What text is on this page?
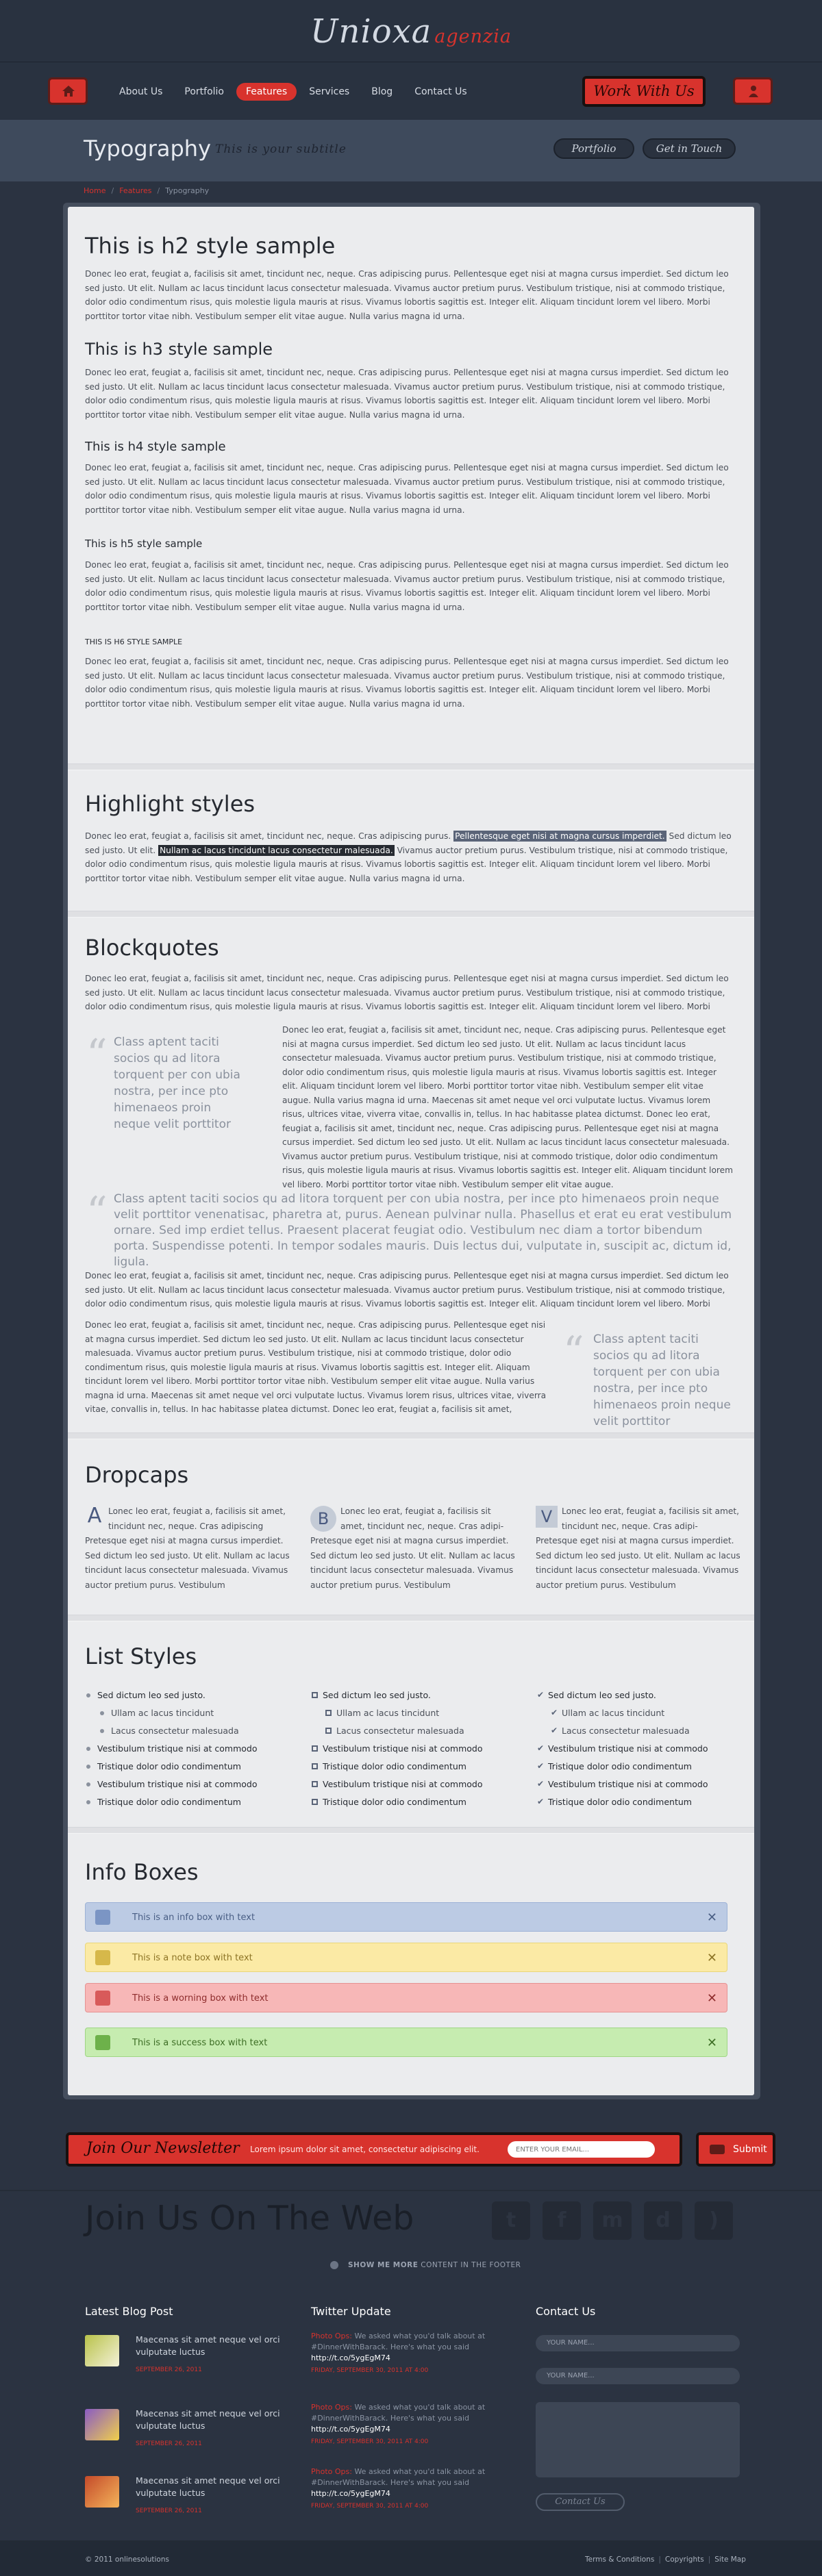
Unioxa agenzia
About Us	Portfolio	Features	Services	Blog	Contact Us	Work With Us
Typography This is your subtitle	Portfolio	Get in Touch
Home / Features / Typography
This is h2 style sample

Donec leo erat, feugiat a, facilisis sit amet, tincidunt nec, neque. Cras adipiscing purus. Pellentesque eget nisi at magna cursus imperdiet. Sed dictum leo sed justo. Ut elit. Nullam ac lacus tincidunt lacus consectetur malesuada. Vivamus auctor pretium purus. Vestibulum tristique, nisi at commodo tristique, dolor odio condimentum risus, quis molestie ligula mauris at risus. Vivamus lobortis sagittis est. Integer elit. Aliquam tincidunt lorem vel libero. Morbi porttitor tortor vitae nibh. Vestibulum semper elit vitae augue. Nulla varius magna id urna.

This is h3 style sample

Donec leo erat, feugiat a, facilisis sit amet, tincidunt nec, neque. Cras adipiscing purus. Pellentesque eget nisi at magna cursus imperdiet. Sed dictum leo sed justo. Ut elit. Nullam ac lacus tincidunt lacus consectetur malesuada. Vivamus auctor pretium purus. Vestibulum tristique, nisi at commodo tristique, dolor odio condimentum risus, quis molestie ligula mauris at risus. Vivamus lobortis sagittis est. Integer elit. Aliquam tincidunt lorem vel libero. Morbi porttitor tortor vitae nibh. Vestibulum semper elit vitae augue. Nulla varius magna id urna.

This is h4 style sample

Donec leo erat, feugiat a, facilisis sit amet, tincidunt nec, neque. Cras adipiscing purus. Pellentesque eget nisi at magna cursus imperdiet. Sed dictum leo sed justo. Ut elit. Nullam ac lacus tincidunt lacus consectetur malesuada. Vivamus auctor pretium purus. Vestibulum tristique, nisi at commodo tristique, dolor odio condimentum risus, quis molestie ligula mauris at risus. Vivamus lobortis sagittis est. Integer elit. Aliquam tincidunt lorem vel libero. Morbi porttitor tortor vitae nibh. Vestibulum semper elit vitae augue. Nulla varius magna id urna.

This is h5 style sample

Donec leo erat, feugiat a, facilisis sit amet, tincidunt nec, neque. Cras adipiscing purus. Pellentesque eget nisi at magna cursus imperdiet. Sed dictum leo sed justo. Ut elit. Nullam ac lacus tincidunt lacus consectetur malesuada. Vivamus auctor pretium purus. Vestibulum tristique, nisi at commodo tristique, dolor odio condimentum risus, quis molestie ligula mauris at risus. Vivamus lobortis sagittis est. Integer elit. Aliquam tincidunt lorem vel libero. Morbi porttitor tortor vitae nibh. Vestibulum semper elit vitae augue. Nulla varius magna id urna.

THIS IS H6 STYLE SAMPLE

Donec leo erat, feugiat a, facilisis sit amet, tincidunt nec, neque. Cras adipiscing purus. Pellentesque eget nisi at magna cursus imperdiet. Sed dictum leo sed justo. Ut elit. Nullam ac lacus tincidunt lacus consectetur malesuada. Vivamus auctor pretium purus. Vestibulum tristique, nisi at commodo tristique, dolor odio condimentum risus, quis molestie ligula mauris at risus. Vivamus lobortis sagittis est. Integer elit. Aliquam tincidunt lorem vel libero. Morbi porttitor tortor vitae nibh. Vestibulum semper elit vitae augue. Nulla varius magna id urna.

Highlight styles

Donec leo erat, feugiat a, facilisis sit amet, tincidunt nec, neque. Cras adipiscing purus. Pellentesque eget nisi at magna cursus imperdiet. Sed dictum leo sed justo. Ut elit. Nullam ac lacus tincidunt lacus consectetur malesuada. Vivamus auctor pretium purus. Vestibulum tristique, nisi at commodo tristique, dolor odio condimentum risus, quis molestie ligula mauris at risus. Vivamus lobortis sagittis est. Integer elit. Aliquam tincidunt lorem vel libero. Morbi porttitor tortor vitae nibh. Vestibulum semper elit vitae augue. Nulla varius magna id urna.

Blockquotes

Donec leo erat, feugiat a, facilisis sit amet, tincidunt nec, neque. Cras adipiscing purus. Pellentesque eget nisi at magna cursus imperdiet. Sed dictum leo sed justo. Ut elit. Nullam ac lacus tincidunt lacus consectetur malesuada. Vivamus auctor pretium purus. Vestibulum tristique, nisi at commodo tristique, dolor odio condimentum risus, quis molestie ligula mauris at risus. Vivamus lobortis sagittis est. Integer elit. Aliquam tincidunt lorem vel libero. Morbi

“ Class aptent taciti socios qu ad litora torquent per con ubia nostra, per ince pto himenaeos proin neque velit porttitor

Donec leo erat, feugiat a, facilisis sit amet, tincidunt nec, neque. Cras adipiscing purus. Pellentesque eget nisi at magna cursus imperdiet. Sed dictum leo sed justo. Ut elit. Nullam ac lacus tincidunt lacus consectetur malesuada. Vivamus auctor pretium purus. Vestibulum tristique, nisi at commodo tristique, dolor odio condimentum risus, quis molestie ligula mauris at risus. Vivamus lobortis sagittis est. Integer elit. Aliquam tincidunt lorem vel libero. Morbi porttitor tortor vitae nibh. Vestibulum semper elit vitae augue. Nulla varius magna id urna. Maecenas sit amet neque vel orci vulputate luctus. Vivamus lorem risus, ultrices vitae, viverra vitae, convallis in, tellus. In hac habitasse platea dictumst. Donec leo erat, feugiat a, facilisis sit amet, tincidunt nec, neque. Cras adipiscing purus. Pellentesque eget nisi at magna cursus imperdiet. Sed dictum leo sed justo. Ut elit. Nullam ac lacus tincidunt lacus consectetur malesuada. Vivamus auctor pretium purus. Vestibulum tristique, nisi at commodo tristique, dolor odio condimentum risus, quis molestie ligula mauris at risus. Vivamus lobortis sagittis est. Integer elit. Aliquam tincidunt lorem vel libero. Morbi porttitor tortor vitae nibh. Vestibulum semper elit vitae augue.

“ Class aptent taciti socios qu ad litora torquent per con ubia nostra, per ince pto himenaeos proin neque velit porttitor venenatisac, pharetra at, purus. Aenean pulvinar nulla. Phasellus et erat eu erat vestibulum ornare. Sed imp erdiet tellus. Praesent placerat feugiat odio. Vestibulum nec diam a tortor bibendum porta. Suspendisse potenti. In tempor sodales mauris. Duis lectus dui, vulputate in, suscipit ac, dictum id, ligula.

Donec leo erat, feugiat a, facilisis sit amet, tincidunt nec, neque. Cras adipiscing purus. Pellentesque eget nisi at magna cursus imperdiet. Sed dictum leo sed justo. Ut elit. Nullam ac lacus tincidunt lacus consectetur malesuada. Vivamus auctor pretium purus. Vestibulum tristique, nisi at commodo tristique, dolor odio condimentum risus, quis molestie ligula mauris at risus. Vivamus lobortis sagittis est. Integer elit. Aliquam tincidunt lorem vel libero. Morbi

Donec leo erat, feugiat a, facilisis sit amet, tincidunt nec, neque. Cras adipiscing purus. Pellentesque eget nisi at magna cursus imperdiet. Sed dictum leo sed justo. Ut elit. Nullam ac lacus tincidunt lacus consectetur malesuada. Vivamus auctor pretium purus. Vestibulum tristique, nisi at commodo tristique, dolor odio condimentum risus, quis molestie ligula mauris at risus. Vivamus lobortis sagittis est. Integer elit. Aliquam tincidunt lorem vel libero. Morbi porttitor tortor vitae nibh. Vestibulum semper elit vitae augue. Nulla varius magna id urna. Maecenas sit amet neque vel orci vulputate luctus. Vivamus lorem risus, ultrices vitae, viverra vitae, convallis in, tellus. In hac habitasse platea dictumst. Donec leo erat, feugiat a, facilisis sit amet,

“ Class aptent taciti socios qu ad litora torquent per con ubia nostra, per ince pto himenaeos proin neque velit porttitor
Dropcaps
A Lonec leo erat, feugiat a, facilisis sit amet, tincidunt nec, neque. Cras adipiscing Pretesque eget nisi at magna cursus imperdiet. Sed dictum leo sed justo. Ut elit. Nullam ac lacus tincidunt lacus consectetur malesuada. Vivamus auctor pretium purus. Vestibulum
B	Lonec leo erat, feugiat a, facilisis sit amet, tincidunt nec, neque. Cras adipi- Pretesque eget nisi at magna cursus imperdiet. Sed dictum leo sed justo. Ut elit. Nullam ac lacus tincidunt lacus consectetur malesuada. Vivamus auctor pretium purus. Vestibulum
V	Lonec leo erat, feugiat a, facilisis sit amet, tincidunt nec, neque. Cras adipi- Pretesque eget nisi at magna cursus imperdiet. Sed dictum leo sed justo. Ut elit. Nullam ac lacus tincidunt lacus consectetur malesuada. Vivamus auctor pretium purus. Vestibulum
List Styles
Sed dictum leo sed justo.
Ullam ac lacus tincidunt
Lacus consectetur malesuada
Vestibulum tristique nisi at commodo
Tristique dolor odio condimentum
Vestibulum tristique nisi at commodo
Tristique dolor odio condimentum
Sed dictum leo sed justo.
Ullam ac lacus tincidunt
Lacus consectetur malesuada
Vestibulum tristique nisi at commodo
Tristique dolor odio condimentum
Vestibulum tristique nisi at commodo
Tristique dolor odio condimentum
✔ Sed dictum leo sed justo.
✔ Ullam ac lacus tincidunt
✔ Lacus consectetur malesuada
✔ Vestibulum tristique nisi at commodo
✔ Tristique dolor odio condimentum
✔ Vestibulum tristique nisi at commodo
✔ Tristique dolor odio condimentum
Info Boxes
This is an info box with text	✕
This is a note box with text	✕
This is a worning box with text	✕
This is a success box with text	✕
Join Our Newsletter Lorem ipsum dolor sit amet, consectetur adipiscing elit.
ENTER YOUR EMAIL...	Submit
Join Us On The Web	t	f	m	d	)
SHOW ME MORE CONTENT IN THE FOOTER
Latest Blog Post	Twitter Update	Contact Us
Maecenas sit amet neque vel orci vulputate luctus
SEPTEMBER 26, 2011
Maecenas sit amet neque vel orci vulputate luctus
SEPTEMBER 26, 2011
Maecenas sit amet neque vel orci vulputate luctus
SEPTEMBER 26, 2011
Photo Ops: We asked what you'd talk about at #DinnerWithBarack. Here's what you said
http://t.co/5ygEgM74
FRIDAY, SEPTEMBER 30, 2011 AT 4:00
Photo Ops: We asked what you'd talk about at #DinnerWithBarack. Here's what you said
http://t.co/5ygEgM74
FRIDAY, SEPTEMBER 30, 2011 AT 4:00
Photo Ops: We asked what you'd talk about at #DinnerWithBarack. Here's what you said
http://t.co/5ygEgM74
FRIDAY, SEPTEMBER 30, 2011 AT 4:00
YOUR NAME...
YOUR NAME...
Contact Us
© 2011 onlinesolutions	Terms & Conditions | Copyrights | Site Map
